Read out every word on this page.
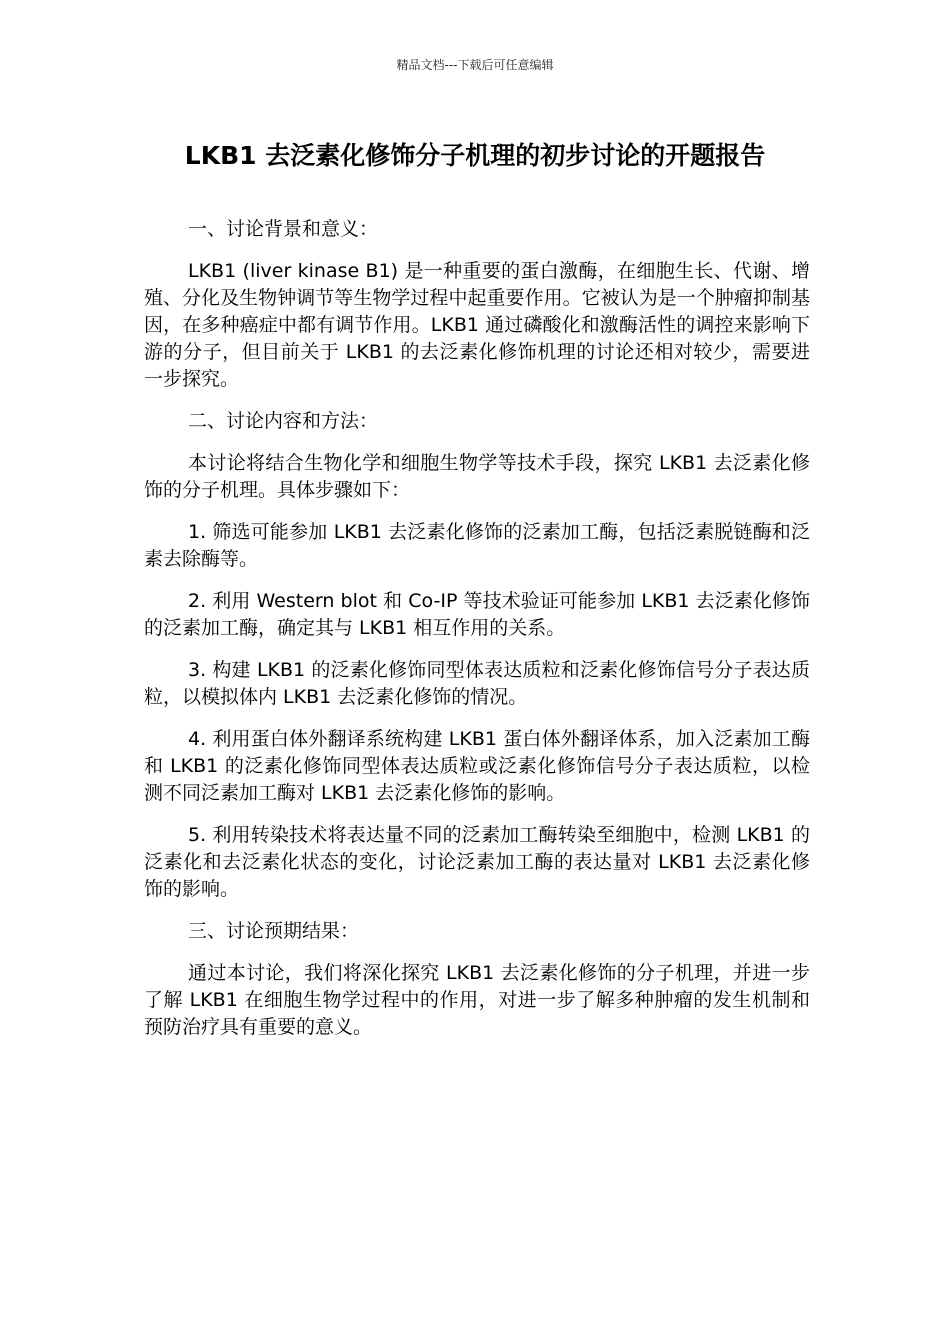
精品文档---下载后可任意编辑
LKB1 去泛素化修饰分子机理的初步讨论的开题报告

一、讨论背景和意义：

LKB1 (liver kinase B1) 是一种重要的蛋白激酶，在细胞生长、代谢、增殖、分化及生物钟调节等生物学过程中起重要作用。它被认为是一个肿瘤抑制基因，在多种癌症中都有调节作用。LKB1 通过磷酸化和激酶活性的调控来影响下游的分子，但目前关于 LKB1 的去泛素化修饰机理的讨论还相对较少，需要进一步探究。

二、讨论内容和方法：

本讨论将结合生物化学和细胞生物学等技术手段，探究 LKB1 去泛素化修饰的分子机理。具体步骤如下：

1. 筛选可能参加 LKB1 去泛素化修饰的泛素加工酶，包括泛素脱链酶和泛素去除酶等。

2. 利用 Western blot 和 Co-IP 等技术验证可能参加 LKB1 去泛素化修饰的泛素加工酶，确定其与 LKB1 相互作用的关系。

3. 构建 LKB1 的泛素化修饰同型体表达质粒和泛素化修饰信号分子表达质粒，以模拟体内 LKB1 去泛素化修饰的情况。

4. 利用蛋白体外翻译系统构建 LKB1 蛋白体外翻译体系，加入泛素加工酶和 LKB1 的泛素化修饰同型体表达质粒或泛素化修饰信号分子表达质粒，以检测不同泛素加工酶对 LKB1 去泛素化修饰的影响。

5. 利用转染技术将表达量不同的泛素加工酶转染至细胞中，检测 LKB1 的泛素化和去泛素化状态的变化，讨论泛素加工酶的表达量对 LKB1 去泛素化修饰的影响。

三、讨论预期结果：

通过本讨论，我们将深化探究 LKB1 去泛素化修饰的分子机理，并进一步了解 LKB1 在细胞生物学过程中的作用，对进一步了解多种肿瘤的发生机制和预防治疗具有重要的意义。
